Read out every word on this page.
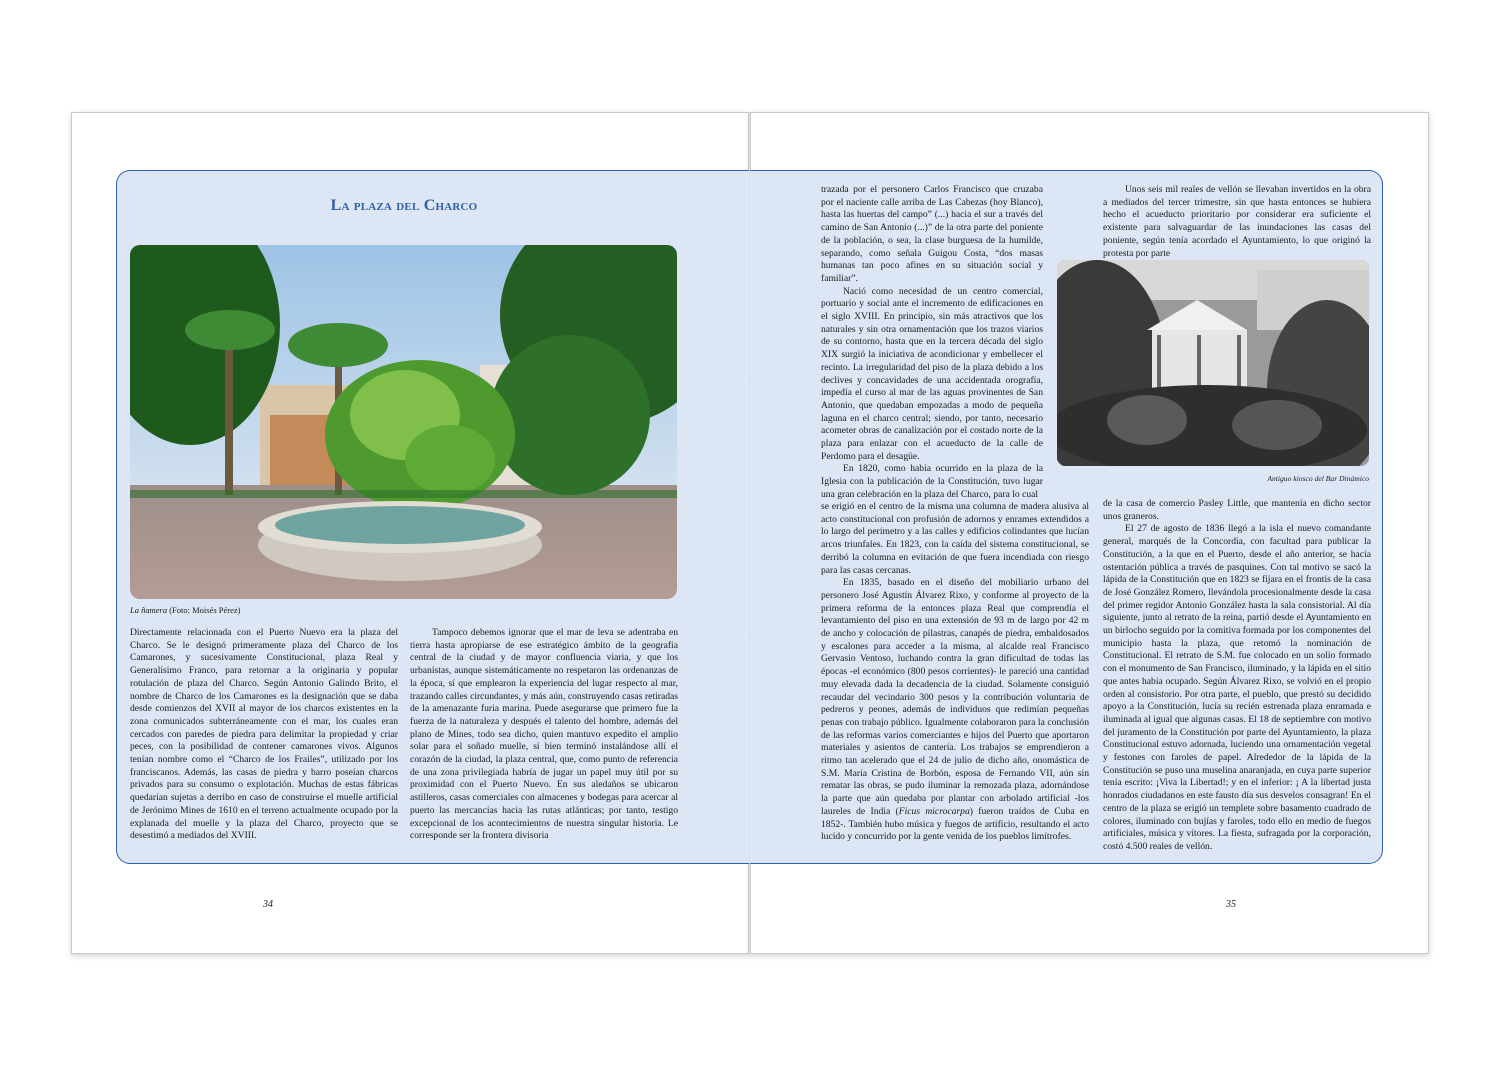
La plaza del Charco
La ñamera (Foto: Moisés Pérez)

Directamente relacionada con el Puerto Nuevo era la plaza del Charco. Se le designó primeramente plaza del Charco de los Camarones, y sucesivamente Constitucional, plaza Real y Generalísimo Franco, para retornar a la originaria y popular rotulación de plaza del Charco. Según Antonio Galindo Brito, el nombre de Charco de los Camarones es la designación que se daba desde comienzos del XVII al mayor de los charcos existentes en la zona comunicados subterráneamente con el mar, los cuales eran cercados con paredes de piedra para delimitar la propiedad y criar peces, con la posibilidad de contener camarones vivos. Algunos tenían nombre como el “Charco de los Frailes”, utilizado por los franciscanos. Además, las casas de piedra y barro poseían charcos privados para su consumo o explotación. Muchas de estas fábricas quedarían sujetas a derribo en caso de construirse el muelle artificial de Jerónimo Mines de 1610 en el terreno actualmente ocupado por la explanada del muelle y la plaza del Charco, proyecto que se desestimó a mediados del XVIII.

Tampoco debemos ignorar que el mar de leva se adentraba en tierra hasta apropiarse de ese estratégico ámbito de la geografía central de la ciudad y de mayor confluencia viaria, y que los urbanistas, aunque sistemáticamente no respetaron las ordenanzas de la época, sí que emplearon la experiencia del lugar respecto al mar, trazando calles circundantes, y más aún, construyendo casas retiradas de la amenazante furia marina. Puede asegurarse que primero fue la fuerza de la naturaleza y después el talento del hombre, además del plano de Mines, todo sea dicho, quien mantuvo expedito el amplio solar para el soñado muelle, si bien terminó instalándose allí el corazón de la ciudad, la plaza central, que, como punto de referencia de una zona privilegiada habría de jugar un papel muy útil por su proximidad con el Puerto Nuevo. En sus aledaños se ubicaron astilleros, casas comerciales con almacenes y bodegas para acercar al puerto las mercancías hacia las rutas atlánticas; por tanto, testigo excepcional de los acontecimientos de nuestra singular historia. Le corresponde ser la frontera divisoria

trazada por el personero Carlos Francisco que cruzaba por el naciente calle arriba de Las Cabezas (hoy Blanco), hasta las huertas del campo” (...) hacia el sur a través del camino de San Antonio (...)” de la otra parte del poniente de la población, o sea, la clase burguesa de la humilde, separando, como señala Guigou Costa, “dos masas humanas tan poco afines en su situación social y familiar”.

Nació como necesidad de un centro comercial, portuario y social ante el incremento de edificaciones en el siglo XVIII. En principio, sin más atractivos que los naturales y sin otra ornamentación que los trazos viarios de su contorno, hasta que en la tercera década del siglo XIX surgió la iniciativa de acondicionar y embellecer el recinto. La irregularidad del piso de la plaza debido a los declives y concavidades de una accidentada orografía, impedía el curso al mar de las aguas provinentes de San Antonio, que quedaban empozadas a modo de pequeña laguna en el charco central; siendo, por tanto, necesario acometer obras de canalización por el costado norte de la plaza para enlazar con el acueducto de la calle de Perdomo para el desagüe.

En 1820, como había ocurrido en la plaza de la Iglesia con la publicación de la Constitución, tuvo lugar una gran celebración en la plaza del Charco, para lo cual

se erigió en el centro de la misma una columna de madera alusiva al acto constitucional con profusión de adornos y enrames extendidos a lo largo del perímetro y a las calles y edificios colindantes que lucían arcos triunfales. En 1823, con la caída del sistema constitucional, se derribó la columna en evitación de que fuera incendiada con riesgo para las casas cercanas.

En 1835, basado en el diseño del mobiliario urbano del personero José Agustín Álvarez Rixo, y conforme al proyecto de la primera reforma de la entonces plaza Real que comprendía el levantamiento del piso en una extensión de 93 m de largo por 42 m de ancho y colocación de pilastras, canapés de piedra, embaldosados y escalones para acceder a la misma, al alcalde real Francisco Gervasio Ventoso, luchando contra la gran dificultad de todas las épocas -el económico (800 pesos corrientes)- le pareció una cantidad muy elevada dada la decadencia de la ciudad. Solamente consiguió recaudar del vecindario 300 pesos y la contribución voluntaria de pedreros y peones, además de individuos que redimían pequeñas penas con trabajo público. Igualmente colaboraron para la conclusión de las reformas varios comerciantes e hijos del Puerto que aportaron materiales y asientos de cantería. Los trabajos se emprendieron a ritmo tan acelerado que el 24 de julio de dicho año, onomástica de S.M. María Cristina de Borbón, esposa de Fernando VII, aún sin rematar las obras, se pudo iluminar la remozada plaza, adornándose la parte que aún quedaba por plantar con arbolado artificial -los laureles de India (Ficus microcarpa) fueron traídos de Cuba en 1852-. También hubo música y fuegos de artificio, resultando el acto lucido y concurrido por la gente venida de los pueblos limítrofes.

Unos seis mil reales de vellón se llevaban invertidos en la obra a mediados del tercer trimestre, sin que hasta entonces se hubiera hecho el acueducto prioritario por considerar era suficiente el existente para salvaguardar de las inundaciones las casas del poniente, según tenía acordado el Ayuntamiento, lo que originó la protesta por parte

Antiguo kiosco del Bar Dinámico

de la casa de comercio Pasley Little, que mantenía en dicho sector unos graneros.

El 27 de agosto de 1836 llegó a la isla el nuevo comandante general, marqués de la Concordia, con facultad para publicar la Constitución, a la que en el Puerto, desde el año anterior, se hacía ostentación pública a través de pasquines. Con tal motivo se sacó la lápida de la Constitución que en 1823 se fijara en el frontis de la casa de José González Romero, llevándola procesionalmente desde la casa del primer regidor Antonio González hasta la sala consistorial. Al día siguiente, junto al retrato de la reina, partió desde el Ayuntamiento en un birlocho seguido por la comitiva formada por los componentes del municipio hasta la plaza, que retomó la nominación de Constitucional. El retrato de S.M. fue colocado en un solio formado con el monumento de San Francisco, iluminado, y la lápida en el sitio que antes había ocupado. Según Álvarez Rixo, se volvió en el propio orden al consistorio. Por otra parte, el pueblo, que prestó su decidido apoyo a la Constitución, lucía su recién estrenada plaza enramada e iluminada al igual que algunas casas. El 18 de septiembre con motivo del juramento de la Constitución por parte del Ayuntamiento, la plaza Constitucional estuvo adornada, luciendo una ornamentación vegetal y festones con faroles de papel. Alrededor de la lápida de la Constitución se puso una muselina anaranjada, en cuya parte superior tenía escrito: ¡Viva la Libertad!; y en el inferior: ¡ A la libertad justa honrados ciudadanos en este fausto día sus desvelos consagran! En el centro de la plaza se erigió un templete sobre basamento cuadrado de colores, iluminado con bujías y faroles, todo ello en medio de fuegos artificiales, música y vítores. La fiesta, sufragada por la corporación, costó 4.500 reales de vellón.

34	35
